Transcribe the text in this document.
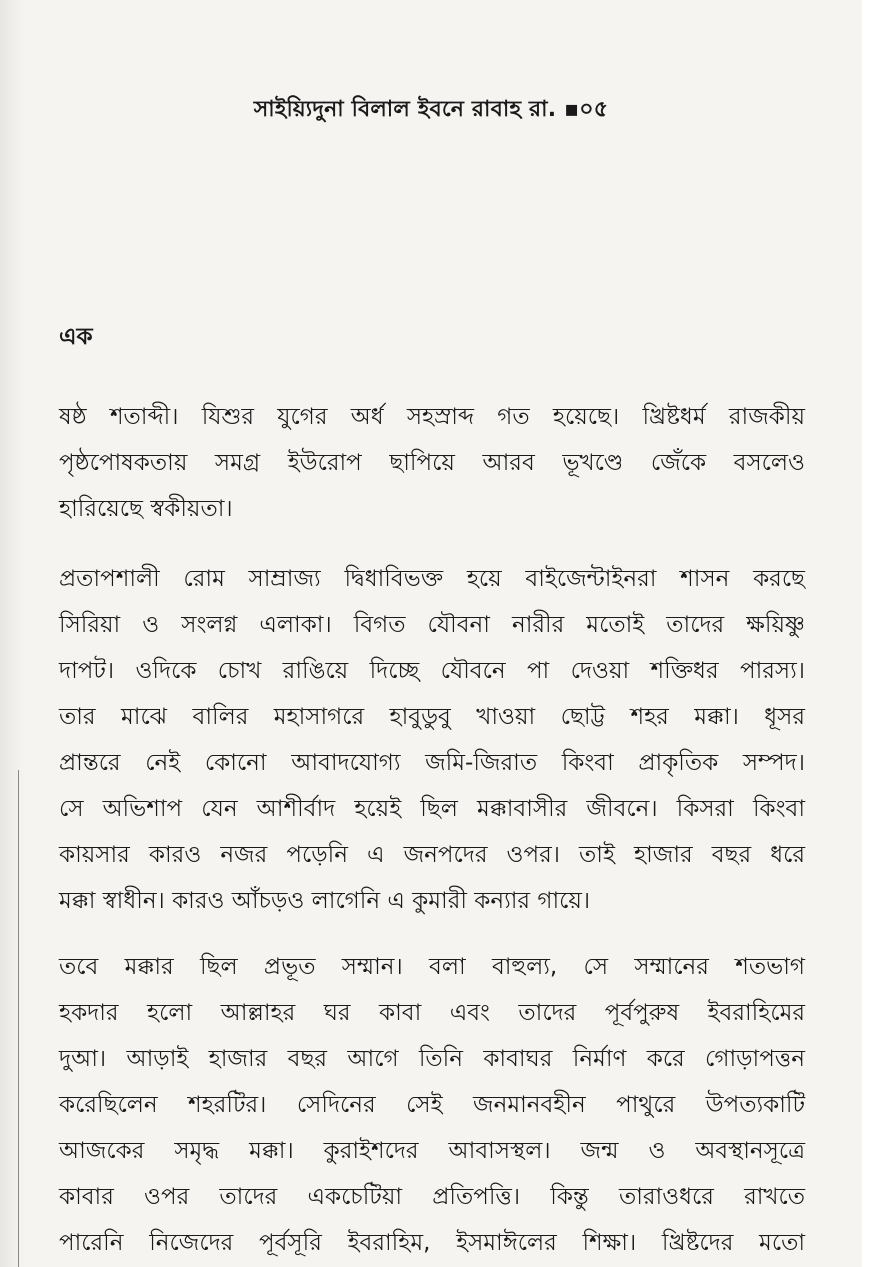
সাইয়্যিদুনা বিলাল ইবনে রাবাহ রা. ▪০৫
এক
ষষ্ঠ শতাব্দী। যিশুর যুগের অর্ধ সহস্রাব্দ গত হয়েছে। খ্রিষ্টধর্ম রাজকীয়
পৃষ্ঠপোষকতায় সমগ্র ইউরোপ ছাপিয়ে আরব ভূখণ্ডে জেঁকে বসলেও
হারিয়েছে স্বকীয়তা।
প্রতাপশালী রোম সাম্রাজ্য দ্বিধাবিভক্ত হয়ে বাইজেন্টাইনরা শাসন করছে
সিরিয়া ও সংলগ্ন এলাকা। বিগত যৌবনা নারীর মতোই তাদের ক্ষয়িষ্ণু
দাপট। ওদিকে চোখ রাঙিয়ে দিচ্ছে যৌবনে পা দেওয়া শক্তিধর পারস্য।
তার মাঝে বালির মহাসাগরে হাবুডুবু খাওয়া ছোট্ট শহর মক্কা। ধূসর
প্রান্তরে নেই কোনো আবাদযোগ্য জমি-জিরাত কিংবা প্রাকৃতিক সম্পদ।
সে অভিশাপ যেন আশীর্বাদ হয়েই ছিল মক্কাবাসীর জীবনে। কিসরা কিংবা
কায়সার কারও নজর পড়েনি এ জনপদের ওপর। তাই হাজার বছর ধরে
মক্কা স্বাধীন। কারও আঁচড়ও লাগেনি এ কুমারী কন্যার গায়ে।
তবে মক্কার ছিল প্রভূত সম্মান। বলা বাহুল্য, সে সম্মানের শতভাগ
হকদার হলো আল্লাহর ঘর কাবা এবং তাদের পূর্বপুরুষ ইবরাহিমের
দুআ। আড়াই হাজার বছর আগে তিনি কাবাঘর নির্মাণ করে গোড়াপত্তন
করেছিলেন শহরটির। সেদিনের সেই জনমানবহীন পাথুরে উপত্যকাটি
আজকের সমৃদ্ধ মক্কা। কুরাইশদের আবাসস্থল। জন্ম ও অবস্থানসূত্রে
কাবার ওপর তাদের একচেটিয়া প্রতিপত্তি। কিন্তু তারাওধরে রাখতে
পারেনি নিজেদের পূর্বসূরি ইবরাহিম, ইসমাঈলের শিক্ষা। খ্রিষ্টদের মতো
